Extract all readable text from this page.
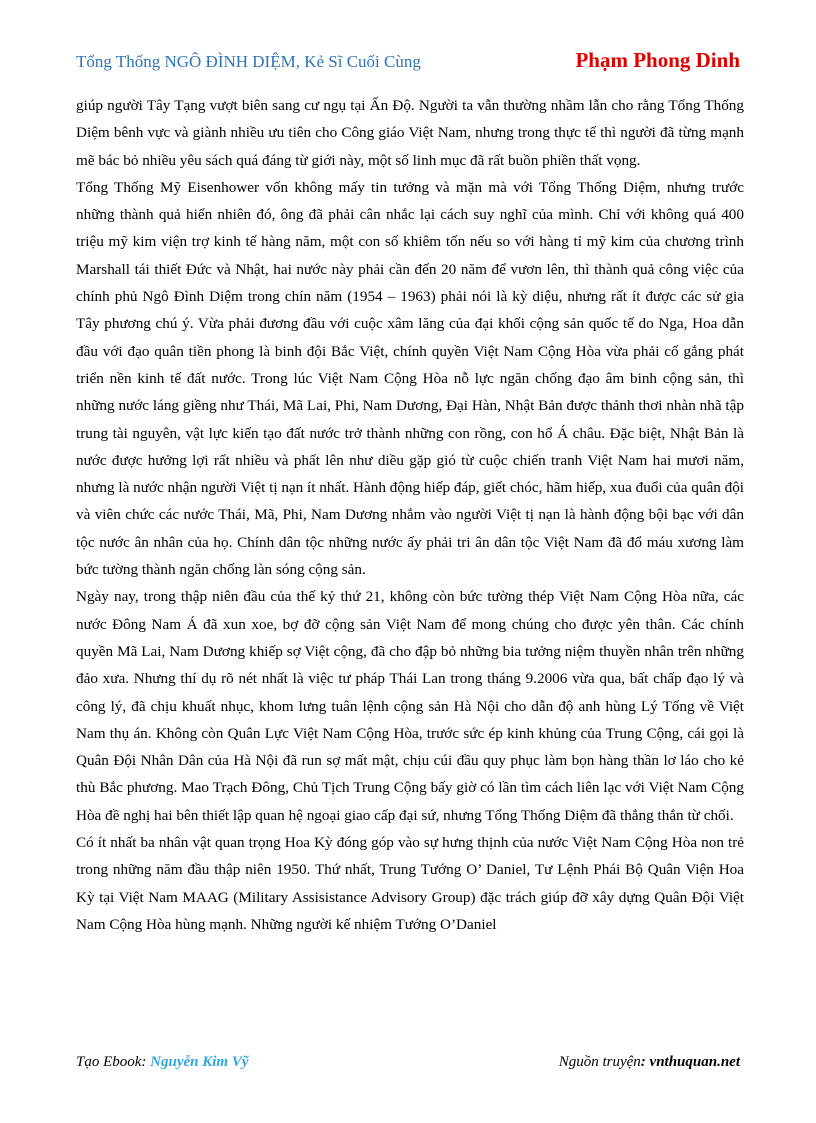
Tổng Thống NGÔ ĐÌNH DIỆM, Kẻ Sĩ Cuối Cùng	Phạm Phong Dinh

giúp người Tây Tạng vượt biên sang cư ngụ tại Ấn Độ. Người ta vẫn thường nhầm lẫn cho rằng Tổng Thống Diệm bênh vực và giành nhiều ưu tiên cho Công giáo Việt Nam, nhưng trong thực tế thì người đã từng mạnh mẽ bác bỏ nhiều yêu sách quá đáng từ giới này, một số linh mục đã rất buồn phiền thất vọng.

Tổng Thống Mỹ Eisenhower vốn không mấy tin tưởng và mặn mà với Tổng Thống Diệm, nhưng trước những thành quả hiển nhiên đó, ông đã phải cân nhắc lại cách suy nghĩ của mình. Chỉ với không quá 400 triệu mỹ kim viện trợ kinh tế hàng năm, một con số khiêm tốn nếu so với hàng tỉ mỹ kim của chương trình Marshall tái thiết Đức và Nhật, hai nước này phải cần đến 20 năm để vươn lên, thì thành quả công việc của chính phủ Ngô Đình Diệm trong chín năm (1954 – 1963) phải nói là kỳ diệu, nhưng rất ít được các sử gia Tây phương chú ý. Vừa phải đương đầu với cuộc xâm lăng của đại khối cộng sản quốc tế do Nga, Hoa dẫn đầu với đạo quân tiền phong là binh đội Bắc Việt, chính quyền Việt Nam Cộng Hòa vừa phải cố gắng phát triển nền kinh tế đất nước. Trong lúc Việt Nam Cộng Hòa nỗ lực ngăn chống đạo âm binh cộng sản, thì những nước láng giềng như Thái, Mã Lai, Phi, Nam Dương, Đại Hàn, Nhật Bản được thảnh thơi nhàn nhã tập trung tài nguyên, vật lực kiến tạo đất nước trở thành những con rồng, con hổ Á châu. Đặc biệt, Nhật Bản là nước được hưởng lợi rất nhiều và phất lên như diều gặp gió từ cuộc chiến tranh Việt Nam hai mươi năm, nhưng là nước nhận người Việt tị nạn ít nhất. Hành động hiếp đáp, giết chóc, hãm hiếp, xua đuổi của quân đội và viên chức các nước Thái, Mã, Phi, Nam Dương nhắm vào người Việt tị nạn là hành động bội bạc với dân tộc nước ân nhân của họ. Chính dân tộc những nước ấy phải tri ân dân tộc Việt Nam đã đổ máu xương làm bức tường thành ngăn chống làn sóng cộng sản.

Ngày nay, trong thập niên đầu của thế kỷ thứ 21, không còn bức tường thép Việt Nam Cộng Hòa nữa, các nước Đông Nam Á đã xun xoe, bợ đỡ cộng sản Việt Nam để mong chúng cho được yên thân. Các chính quyền Mã Lai, Nam Dương khiếp sợ Việt cộng, đã cho đập bỏ những bia tưởng niệm thuyền nhân trên những đảo xưa. Nhưng thí dụ rõ nét nhất là việc tư pháp Thái Lan trong tháng 9.2006 vừa qua, bất chấp đạo lý và công lý, đã chịu khuất nhục, khom lưng tuân lệnh cộng sản Hà Nội cho dẫn độ anh hùng Lý Tống về Việt Nam thụ án. Không còn Quân Lực Việt Nam Cộng Hòa, trước sức ép kinh khủng của Trung Cộng, cái gọi là Quân Đội Nhân Dân của Hà Nội đã run sợ mất mật, chịu cúi đầu quy phục làm bọn hàng thần lơ láo cho kẻ thù Bắc phương. Mao Trạch Đông, Chủ Tịch Trung Cộng bấy giờ có lần tìm cách liên lạc với Việt Nam Cộng Hòa đề nghị hai bên thiết lập quan hệ ngoại giao cấp đại sứ, nhưng Tổng Thống Diệm đã thẳng thắn từ chối.

Có ít nhất ba nhân vật quan trọng Hoa Kỳ đóng góp vào sự hưng thịnh của nước Việt Nam Cộng Hòa non trẻ trong những năm đầu thập niên 1950. Thứ nhất, Trung Tướng O’ Daniel, Tư Lệnh Phái Bộ Quân Viện Hoa Kỳ tại Việt Nam MAAG (Military Assisistance Advisory Group) đặc trách giúp đỡ xây dựng Quân Đội Việt Nam Cộng Hòa hùng mạnh. Những người kế nhiệm Tướng O’Daniel

Tạo Ebook: Nguyễn Kim Vỹ	Nguồn truyện: vnthuquan.net
